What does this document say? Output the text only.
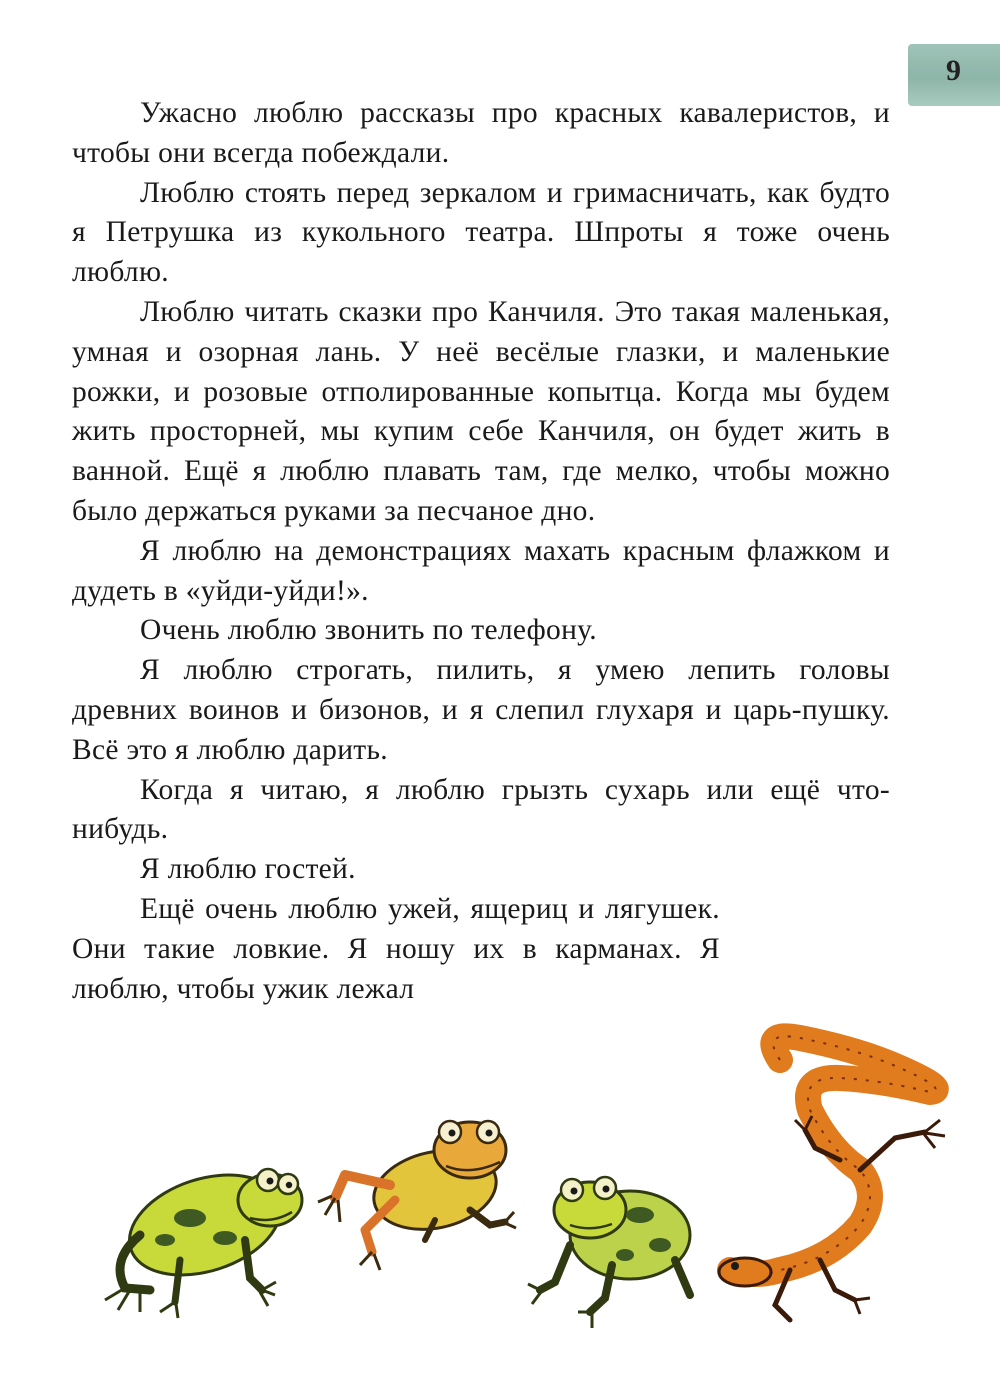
9

Ужасно люблю рассказы про красных кавалеристов, и чтобы они всегда побеждали.

Люблю стоять перед зеркалом и гримасничать, как будто я Петрушка из кукольного театра. Шпроты я тоже очень люблю.

Люблю читать сказки про Канчиля. Это такая маленькая, умная и озорная лань. У неё весёлые глазки, и маленькие рожки, и розовые отполированные копытца. Когда мы будем жить просторней, мы купим себе Канчиля, он будет жить в ванной. Ещё я люблю плавать там, где мелко, чтобы можно было держаться руками за песчаное дно.

Я люблю на демонстрациях махать красным флажком и дудеть в «уйди-уйди!».

Очень люблю звонить по телефону.

Я люблю строгать, пилить, я умею лепить головы древних воинов и бизонов, и я слепил глухаря и царь-пушку. Всё это я люблю дарить.

Когда я читаю, я люблю грызть сухарь или ещё что-нибудь.

Я люблю гостей.

Ещё очень люблю ужей, ящериц и лягушек. Они такие ловкие. Я ношу их в карманах. Я люблю, чтобы ужик лежал
